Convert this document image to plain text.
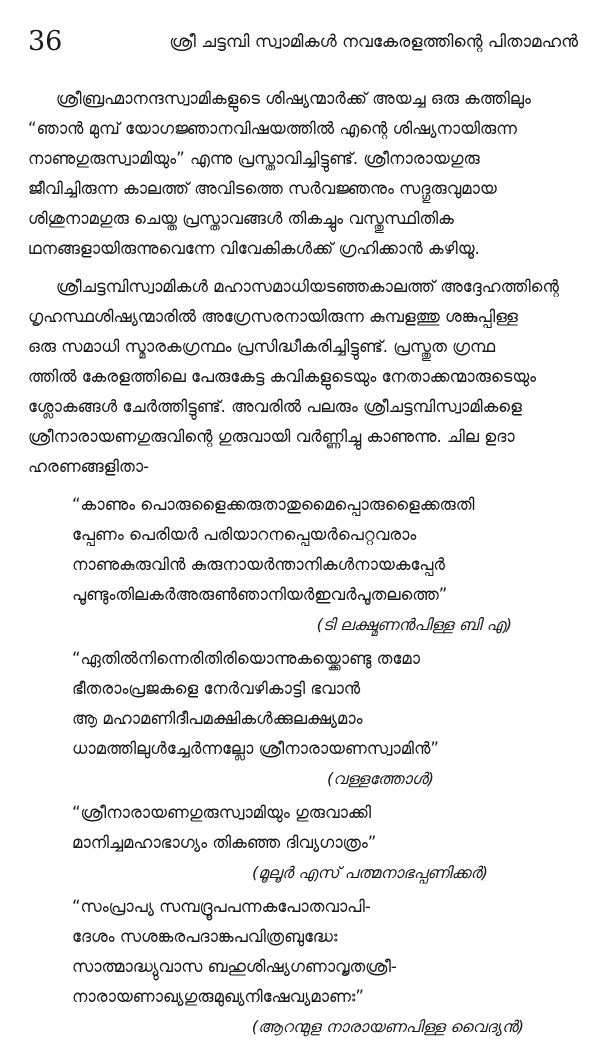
36	ശ്രീ ചട്ടമ്പി സ്വാമികൾ നവകേരളത്തിന്റെ പിതാമഹൻ
ശ്രീബ്രഹ്മാനന്ദസ്വാമികളുടെ ശിഷ്യന്മാർക്ക് അയച്ച ഒരു കത്തിലും
“ഞാൻ മുമ്പ് യോഗജ്ഞാനവിഷയത്തിൽ എന്റെ ശിഷ്യനായിരുന്ന
നാണുഗുരുസ്വാമിയും” എന്നു പ്രസ്താവിച്ചിട്ടുണ്ട്. ശ്രീനാരായഗുരു
ജീവിച്ചിരുന്ന കാലത്ത് അവിടത്തെ സർവജ്ഞനും സദ്ഗുരുവുമായ
ശിശുനാമഗുരു ചെയ്ത പ്രസ്താവങ്ങൾ തികച്ചും വസ്തുസ്ഥിതിക
ഥനങ്ങളായിരുന്നുവെന്നേ വിവേകികൾക്ക് ഗ്രഹിക്കാൻ കഴിയൂ.
ശ്രീചട്ടമ്പിസ്വാമികൾ മഹാസമാധിയടഞ്ഞകാലത്ത് അദ്ദേഹത്തിന്റെ
ഗൃഹസ്ഥശിഷ്യന്മാരിൽ അഗ്രേസരനായിരുന്ന കുമ്പളത്തു ശങ്കുപ്പിള്ള
ഒരു സമാധി സ്മാരകഗ്രന്ഥം പ്രസിദ്ധീകരിച്ചിട്ടുണ്ട്. പ്രസ്തുത ഗ്രന്ഥ
ത്തിൽ കേരളത്തിലെ പേരുകേട്ട കവികളുടെയും നേതാക്കന്മാരുടെയും
ശ്ലോകങ്ങൾ ചേർത്തിട്ടുണ്ട്. അവരിൽ പലരും ശ്രീചട്ടമ്പിസ്വാമികളെ
ശ്രീനാരായണഗുരുവിന്റെ ഗുരുവായി വർണ്ണിച്ചു കാണുന്നു. ചില ഉദാ
ഹരണങ്ങളിതാ-
“കാണും പൊരുളൈക്കരുതാതുമൈപ്പൊരുളൈക്കരുതി
പ്പേണം പെരിയർ പരിയാറനപ്പെയർപെറ്റവരാം
നാണുകുരുവിൻ കുരുനായർന്താനികൾനായകപ്പേർ
പൂണ്ടുംതിലകർഅരുൺഞാനിയർഇവർപൂതലത്തെ”
(ടി ലക്ഷ്മണൻപിള്ള ബി എ)
“ഏതിൽനിന്നെരിതിരിയൊന്നുകയ്ക്കൊണ്ടു തമോ
ഭീതരാംപ്രജകളെ നേർവഴികാട്ടി ഭവാൻ
ആ മഹാമണിദീപമക്ഷികൾക്കുലക്ഷ്യമാം
ധാമത്തിലുൾച്ചേർന്നല്ലോ ശ്രീനാരായണസ്വാമിൻ”
(വള്ളത്തോൾ)
“ശ്രീനാരായണഗുരുസ്വാമിയും ഗുരുവാക്കി
മാനിച്ചമഹാഭാഗ്യം തികഞ്ഞ ദിവ്യഗാത്രം”
(മൂലൂർ എസ് പത്മനാഭപ്പണിക്കർ)
“സംപ്രാപ്യ സമ്പദ്രൂപപന്നകപോതവാപി-
ദേശം സശങ്കരപദാങ്കപവിത്രബുദ്ധേഃ
സാത്മാദ്ധ്യുവാസ ബഹുശിഷ്യഗണാവൃതശ്രീ-
നാരായണാഖ്യഗുരുമുഖ്യനിഷേവ്യമാണഃ”
(ആറന്മുള നാരായണപിള്ള വൈദ്യൻ)
